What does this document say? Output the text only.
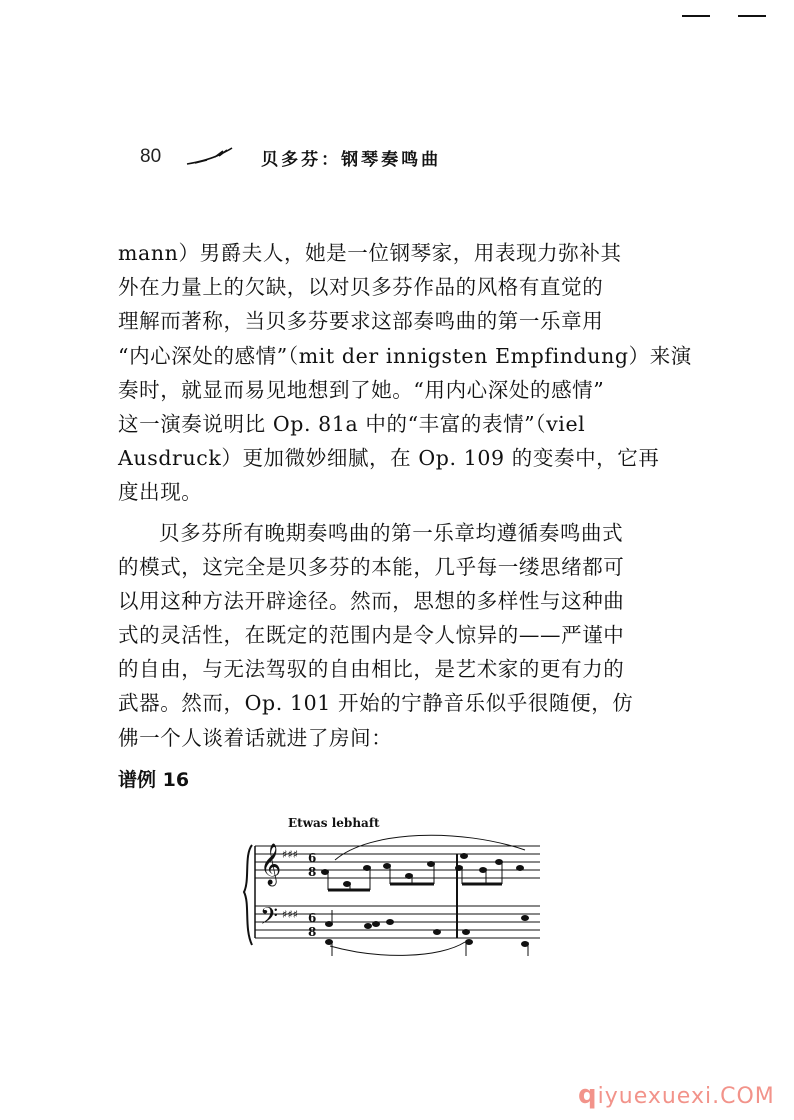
80	贝多芬：钢琴奏鸣曲
mann）男爵夫人，她是一位钢琴家，用表现力弥补其
外在力量上的欠缺，以对贝多芬作品的风格有直觉的
理解而著称，当贝多芬要求这部奏鸣曲的第一乐章用
“内心深处的感情”（mit der innigsten Empfindung）来演
奏时，就显而易见地想到了她。“用内心深处的感情”
这一演奏说明比 Op. 81a 中的“丰富的表情”（viel
Ausdruck）更加微妙细腻，在 Op. 109 的变奏中，它再
度出现。
贝多芬所有晚期奏鸣曲的第一乐章均遵循奏鸣曲式
的模式，这完全是贝多芬的本能，几乎每一缕思绪都可
以用这种方法开辟途径。然而，思想的多样性与这种曲
式的灵活性，在既定的范围内是令人惊异的——严谨中
的自由，与无法驾驭的自由相比，是艺术家的更有力的
武器。然而，Op. 101 开始的宁静音乐似乎很随便，仿
佛一个人谈着话就进了房间：
谱例 16
Etwas lebhaft
𝄞
𝄢
♯♯♯
♯♯♯
6
8
6
8
qiyuexuexi.COM
